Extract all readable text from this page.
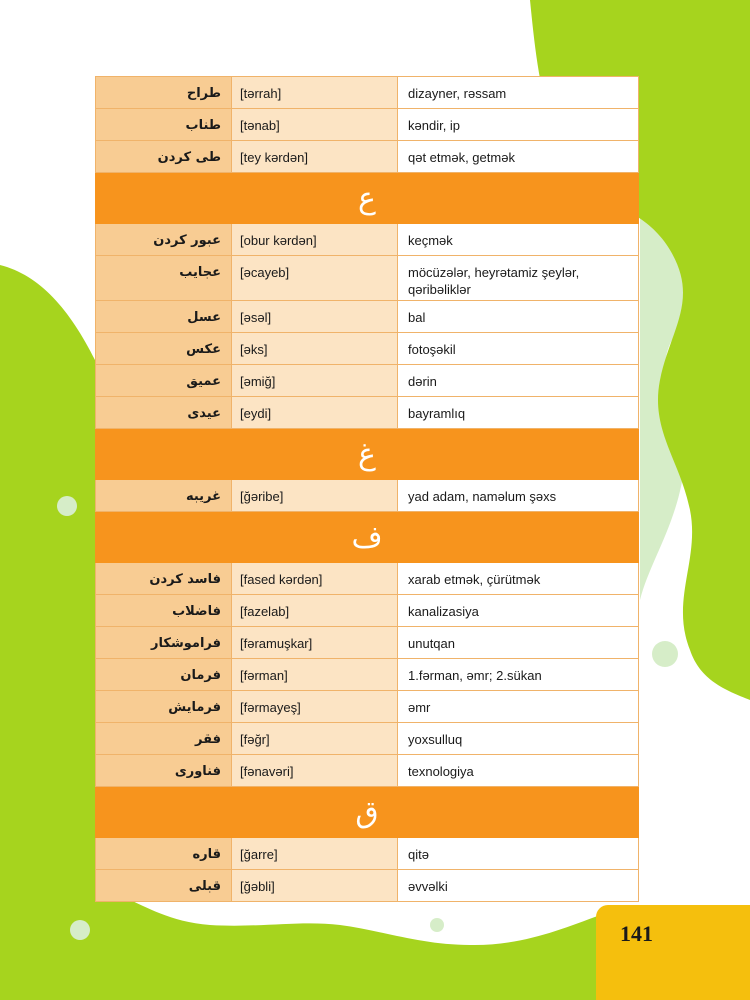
طراح	[tərrah]	dizayner, rəssam
طناب	[tənab]	kəndir, ip
طی کردن	[tey kərdən]	qət etmək, getmək
ع		
عبور کردن	[obur kərdən]	keçmək
عجایب	[əcayeb]	möcüzələr, heyrətamiz şeylər, qəribəliklər
عسل	[əsəl]	bal
عکس	[əks]	fotoşəkil
عمیق	[əmiğ]	dərin
عیدی	[eydi]	bayramlıq
غ		
غریبه	[ğəribe]	yad adam, naməlum şəxs
ف		
فاسد کردن	[fased kərdən]	xarab etmək, çürütmək
فاضلاب	[fazelab]	kanalizasiya
فراموشکار	[fəramuşkar]	unutqan
فرمان	[fərman]	1.fərman, əmr; 2.sükan
فرمایش	[fərmayeş]	əmr
فقر	[fəğr]	yoxsulluq
فناوری	[fənavəri]	texnologiya
ق		
قاره	[ğarre]	qitə
قبلی	[ğəbli]	əvvəlki
141
